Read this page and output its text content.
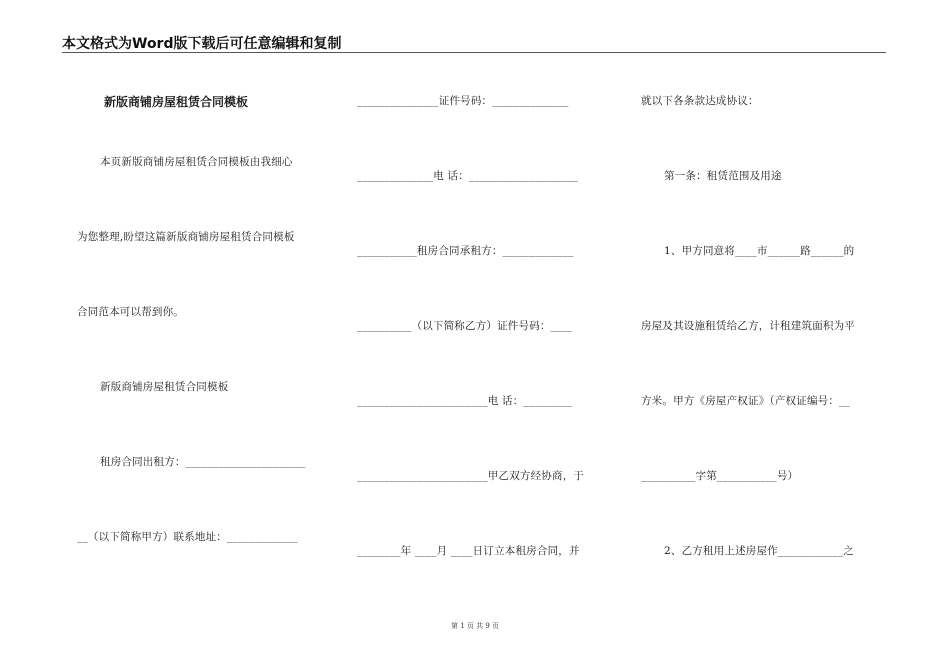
本文格式为Word版下载后可任意编辑和复制
新版商铺房屋租赁合同模板
本页新版商铺房屋租赁合同模板由我细心
为您整理,盼望这篇新版商铺房屋租赁合同模板
合同范本可以帮到你。
新版商铺房屋租赁合同模板
租房合同出租方：______________________
__（以下简称甲方）联系地址：_____________
_______________证件号码：______________
______________电 话：____________________
___________租房合同承租方：_____________
__________（以下简称乙方）证件号码：____
________________________电 话：_________
________________________甲乙双方经协商，于
________年 ____月 ____日订立本租房合同，并
就以下各条款达成协议：
第一条：租赁范围及用途
1、甲方同意将____市______路______的
房屋及其设施租赁给乙方，计租建筑面积为平
方米。甲方《房屋产权证》（产权证编号：__
__________字第___________号）
2、乙方租用上述房屋作____________之
第 1 页 共 9 页
